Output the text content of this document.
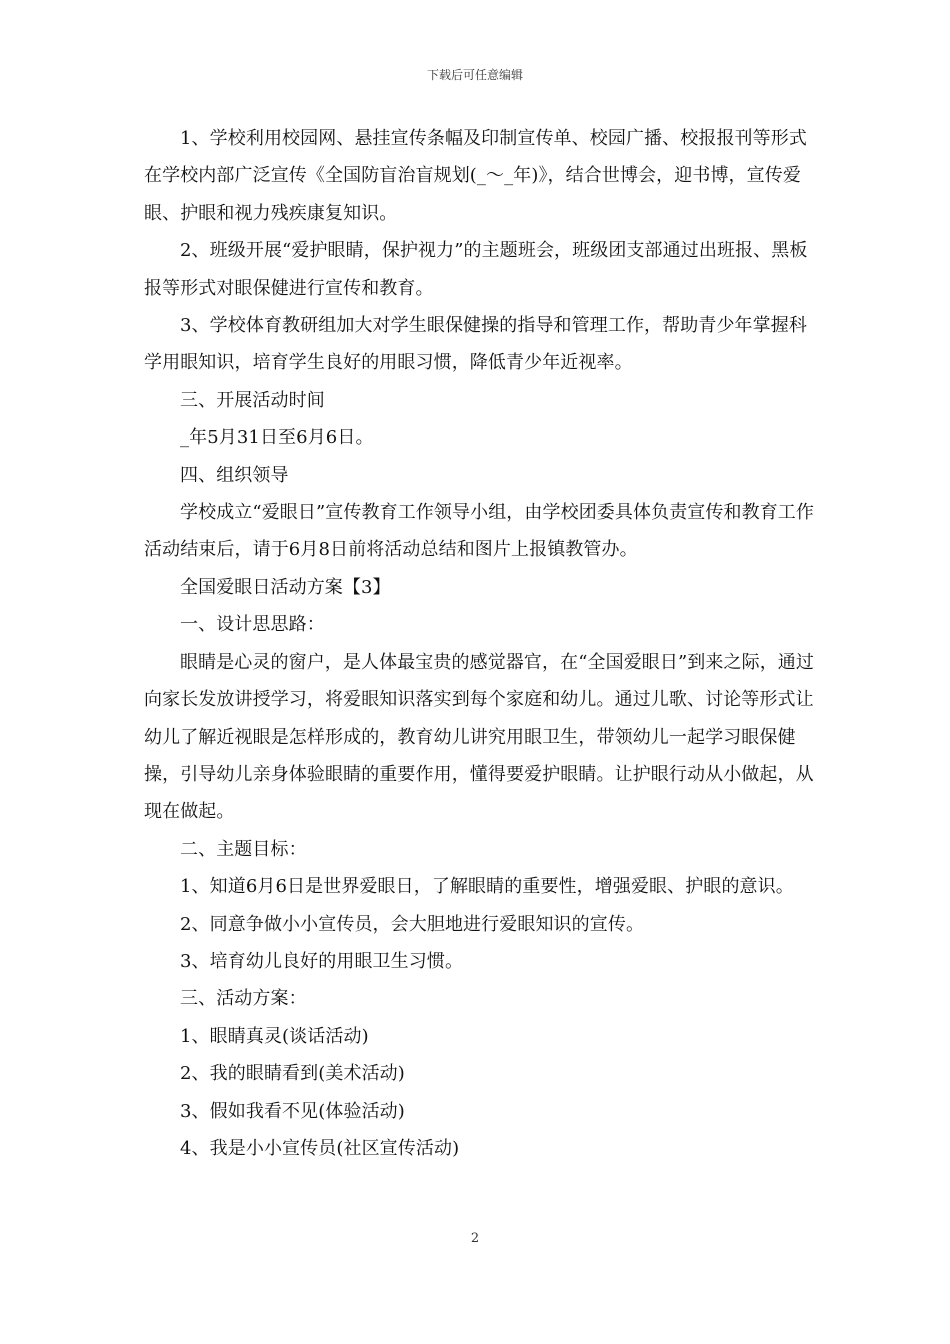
下载后可任意编辑

1、学校利用校园网、悬挂宣传条幅及印制宣传单、校园广播、校报报刊等形式在学校内部广泛宣传《全国防盲治盲规划(_～_年)》，结合世博会，迎书博，宣传爱眼、护眼和视力残疾康复知识。

2、班级开展“爱护眼睛，保护视力”的主题班会，班级团支部通过出班报、黑板报等形式对眼保健进行宣传和教育。

3、学校体育教研组加大对学生眼保健操的指导和管理工作，帮助青少年掌握科学用眼知识，培育学生良好的用眼习惯，降低青少年近视率。

三、开展活动时间

_年5月31日至6月6日。

四、组织领导

学校成立“爱眼日”宣传教育工作领导小组，由学校团委具体负责宣传和教育工作活动结束后，请于6月8日前将活动总结和图片上报镇教管办。

全国爱眼日活动方案【3】

一、设计思思路：

眼睛是心灵的窗户，是人体最宝贵的感觉器官，在“全国爱眼日”到来之际，通过向家长发放讲授学习，将爱眼知识落实到每个家庭和幼儿。通过儿歌、讨论等形式让幼儿了解近视眼是怎样形成的，教育幼儿讲究用眼卫生，带领幼儿一起学习眼保健操，引导幼儿亲身体验眼睛的重要作用，懂得要爱护眼睛。让护眼行动从小做起，从现在做起。

二、主题目标：

1、知道6月6日是世界爱眼日，了解眼睛的重要性，增强爱眼、护眼的意识。

2、同意争做小小宣传员，会大胆地进行爱眼知识的宣传。

3、培育幼儿良好的用眼卫生习惯。

三、活动方案：

1、眼睛真灵(谈话活动)

2、我的眼睛看到(美术活动)

3、假如我看不见(体验活动)

4、我是小小宣传员(社区宣传活动)

2
